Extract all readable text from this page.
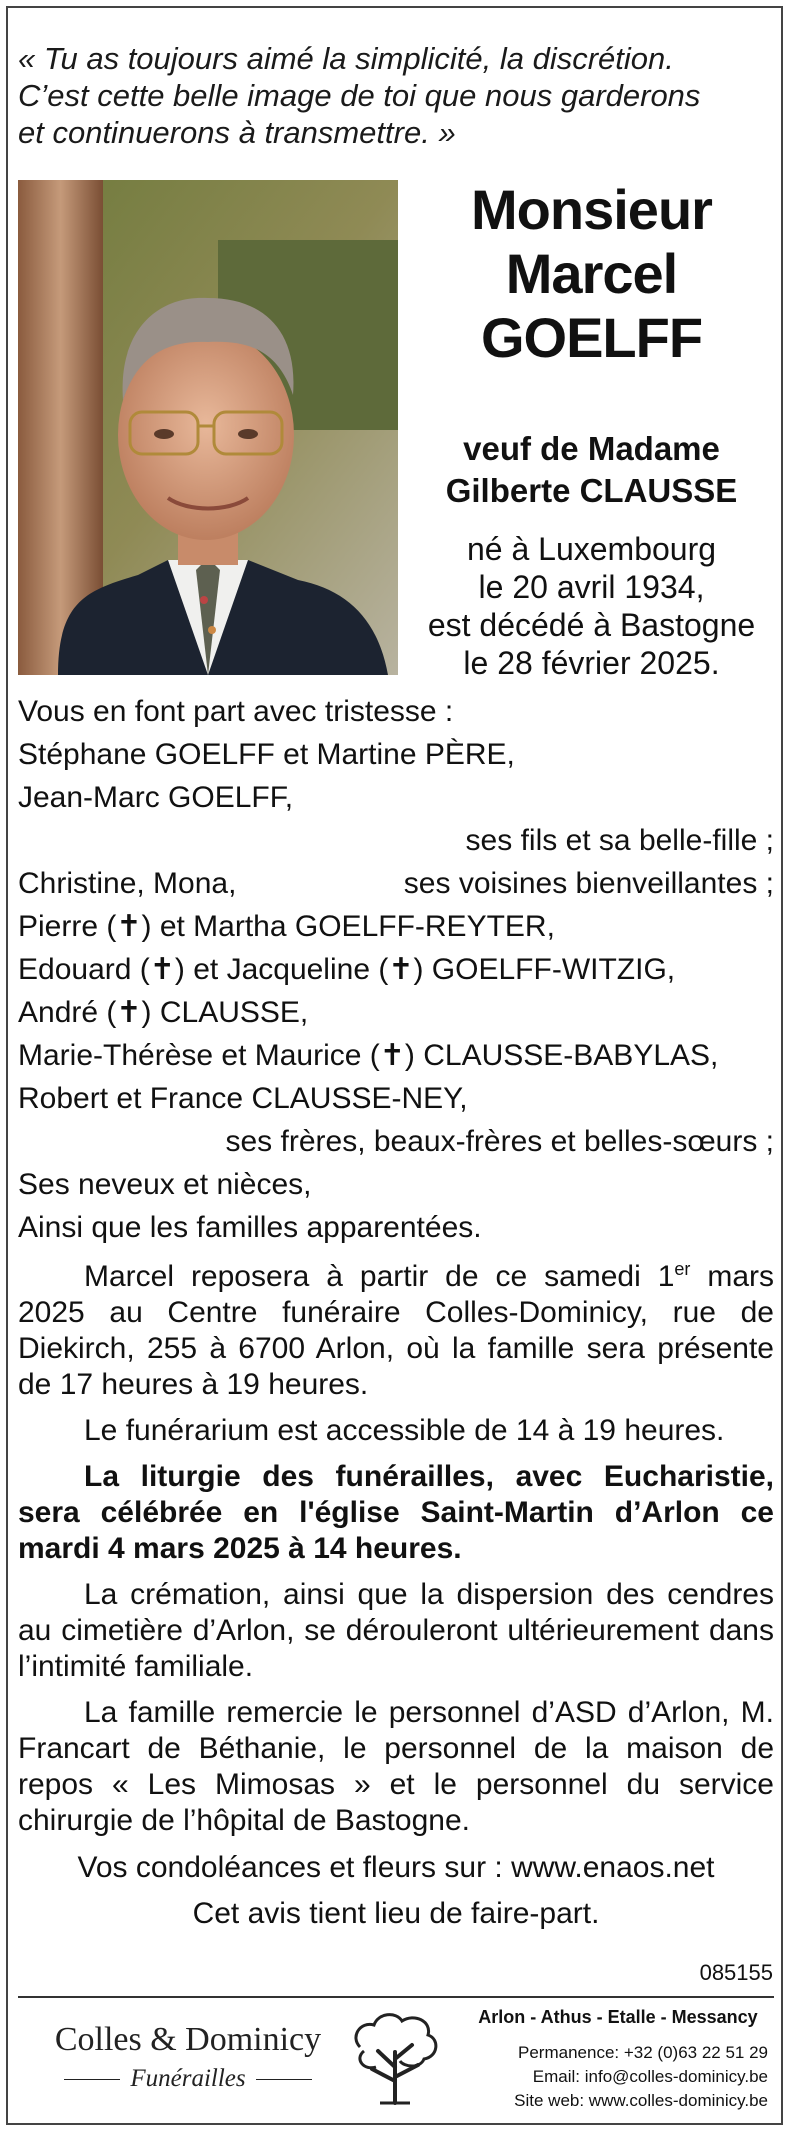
« Tu as toujours aimé la simplicité, la discrétion.
C’est cette belle image de toi que nous garderons
et continuerons à transmettre. »
Monsieur
Marcel
GOELFF
veuf de Madame
Gilberte CLAUSSE
né à Luxembourg
le 20 avril 1934,
est décédé à Bastogne
le 28 février 2025.
Vous en font part avec tristesse :
Stéphane GOELFF et Martine PÈRE,
Jean-Marc GOELFF,
ses fils et sa belle-fille ;
Christine, Mona,	ses voisines bienveillantes ;
Pierre (✝) et Martha GOELFF-REYTER,
Edouard (✝) et Jacqueline (✝) GOELFF-WITZIG,
André (✝) CLAUSSE,
Marie-Thérèse et Maurice (✝) CLAUSSE-BABYLAS,
Robert et France CLAUSSE-NEY,
ses frères, beaux-frères et belles-sœurs ;
Ses neveux et nièces,
Ainsi que les familles apparentées.

Marcel reposera à partir de ce samedi 1er mars 2025 au Centre funéraire Colles-Dominicy, rue de Diekirch, 255 à 6700 Arlon, où la famille sera présente de 17 heures à 19 heures.

Le funérarium est accessible de 14 à 19 heures.

La liturgie des funérailles, avec Eucharistie, sera célébrée en l'église Saint-Martin d’Arlon ce mardi 4 mars 2025 à 14 heures.

La crémation, ainsi que la dispersion des cendres au cimetière d’Arlon, se dérouleront ultérieurement dans l’intimité familiale.

La famille remercie le personnel d’ASD d’Arlon, M. Francart de Béthanie, le personnel de la maison de repos « Les Mimosas » et le personnel du service chirurgie de l’hôpital de Bastogne.

Vos condoléances et fleurs sur : www.enaos.net
Cet avis tient lieu de faire-part.
085155
Colles & Dominicy
Funérailles
Arlon - Athus - Etalle - Messancy
Permanence: +32 (0)63 22 51 29
Email: info@colles-dominicy.be
Site web: www.colles-dominicy.be
